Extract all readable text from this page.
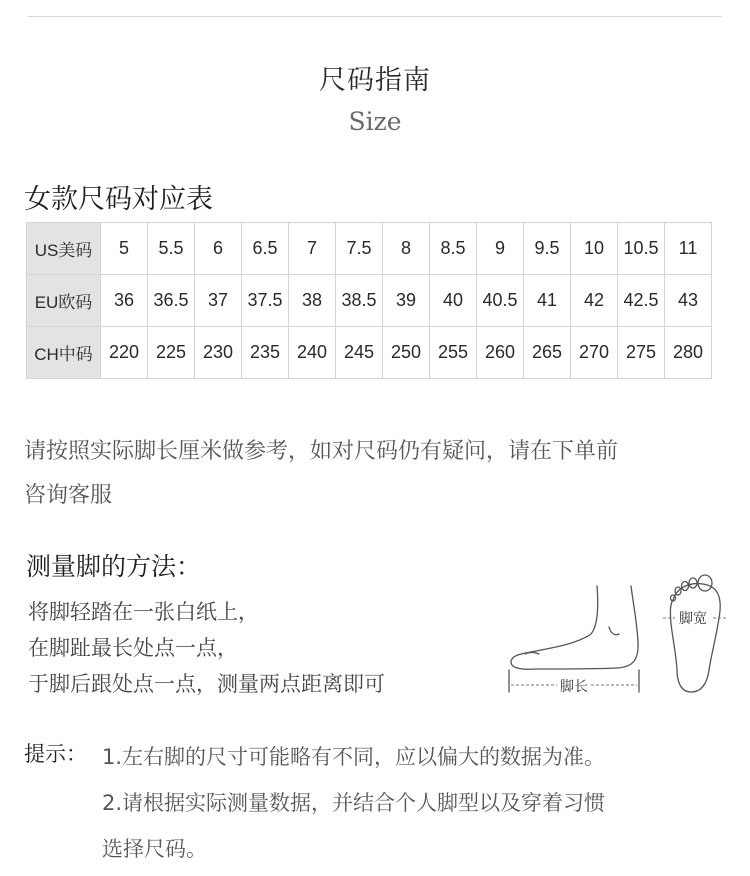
尺码指南
Size
女款尺码对应表
US美码	5	5.5	6	6.5	7	7.5	8	8.5	9	9.5	10	10.5	11
EU欧码	36	36.5	37	37.5	38	38.5	39	40	40.5	41	42	42.5	43
CH中码	220	225	230	235	240	245	250	255	260	265	270	275	280
请按照实际脚长厘米做参考，如对尺码仍有疑问，请在下单前
咨询客服
测量脚的方法：
将脚轻踏在一张白纸上，
在脚趾最长处点一点，
于脚后跟处点一点，测量两点距离即可	脚长
脚宽
提示： 1.左右脚的尺寸可能略有不同，应以偏大的数据为准。
2.请根据实际测量数据，并结合个人脚型以及穿着习惯
选择尺码。
